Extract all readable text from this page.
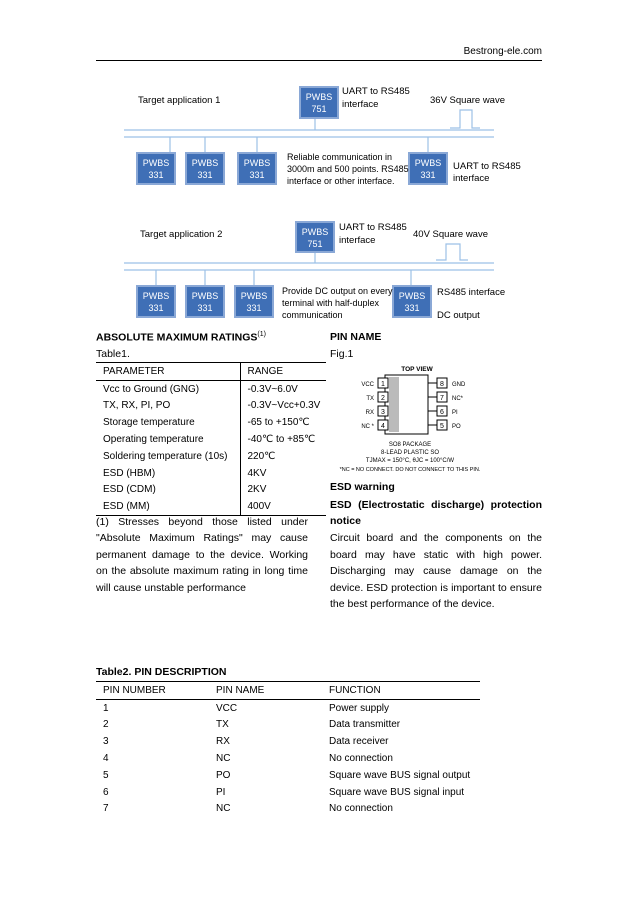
Bestrong-ele.com
Target application 1	PWBS
751
UART to RS485
interface	36V Square wave
PWBS
331
PWBS
331
PWBS
331
PWBS
331
Reliable communication in
3000m and 500 points. RS485
interface or other interface.
UART to RS485
interface
Target application 2	PWBS
751
UART to RS485
interface
40V Square wave
PWBS
331
PWBS
331
PWBS
331
PWBS
331
Provide DC output on every
terminal with half-duplex
communication
RS485 interface
DC output
ABSOLUTE MAXIMUM RATINGS$^{(1)}$
Table1.
PARAMETER	RANGE
Vcc to Ground (GNG)	-0.3V~6.0V
TX, RX, PI, PO	-0.3V~Vcc+0.3V
Storage temperature	-65 to +150℃
Operating temperature	-40℃ to +85℃
Soldering temperature (10s)	220℃
ESD (HBM)	4KV
ESD (CDM)	2KV
ESD (MM)	400V
(1) Stresses beyond those listed under "Absolute Maximum Ratings" may cause permanent damage to the device. Working on the absolute maximum rating in long time will cause unstable performance
PIN NAME
Fig.1
TOP VIEW
1
VCC
2
TX
3
RX
4
NC *
8 GND
7 NC*
6 PI
5 PO
SO8 PACKAGE
8-LEAD PLASTIC SO
TJMAX = 150°C, θJC = 100°C/W
*NC = NO CONNECT. DO NOT CONNECT TO THIS PIN.
ESD warning
ESD (Electrostatic discharge) protection notice
Circuit board and the components on the board may have static with high power. Discharging may cause damage on the device. ESD protection is important to ensure the best performance of the device.
Table2. PIN DESCRIPTION
PIN NUMBER	PIN NAME	FUNCTION
1	VCC	Power supply
2	TX	Data transmitter
3	RX	Data receiver
4	NC	No connection
5	PO	Square wave BUS signal output
6	PI	Square wave BUS signal input
7	NC	No connection
